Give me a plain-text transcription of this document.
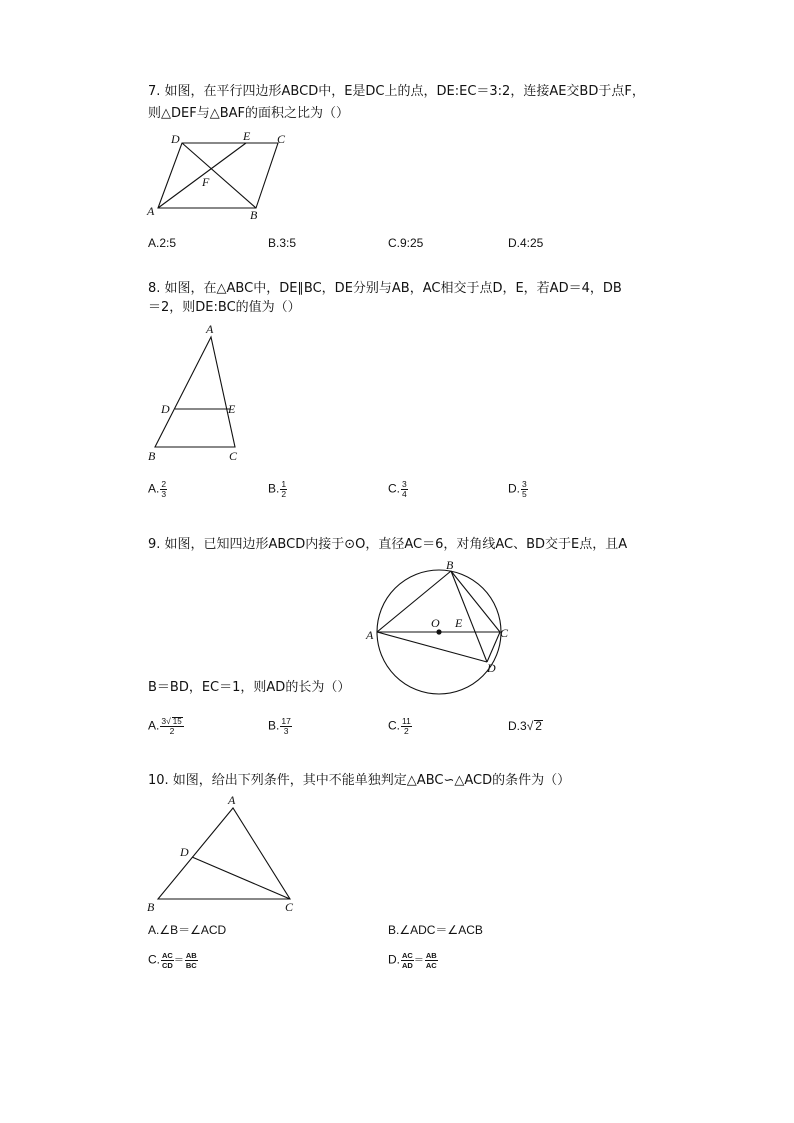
7. 如图，在平行四边形ABCD中，E是DC上的点，DE:EC＝3:2，连接AE交BD于点F，
则△DEF与△BAF的面积之比为（）
D	E C
F
A	B
A.2:5	B.3:5	C.9:25	D.4:25
8. 如图，在△ABC中，DE∥BC，DE分别与AB，AC相交于点D，E，若AD＝4，DB
＝2，则DE:BC的值为（）
A
D	E
B	C
A. $\frac{2}{3}$	B. $\frac{1}{2}$	C. $\frac{3}{4}$	D. $\frac{3}{5}$
9. 如图，已知四边形ABCD内接于⊙O，直径AC＝6，对角线AC、BD交于E点，且A
B
O E
A	C
D
B＝BD，EC＝1，则AD的长为（）
A. $\frac{3√ 15}{2}$	B. $\frac{17}{3}$	C. $\frac{11}{2}$	D.3√ 2
10. 如图，给出下列条件，其中不能单独判定△ABC∽△ACD的条件为（）
A
D
B	C
A.∠B＝∠ACD	B.∠ADC＝∠ACB
C. $\frac{AC}{CD} = \frac{AB}{BC}$	D. $\frac{AC}{AD} = \frac{AB}{AC}$
